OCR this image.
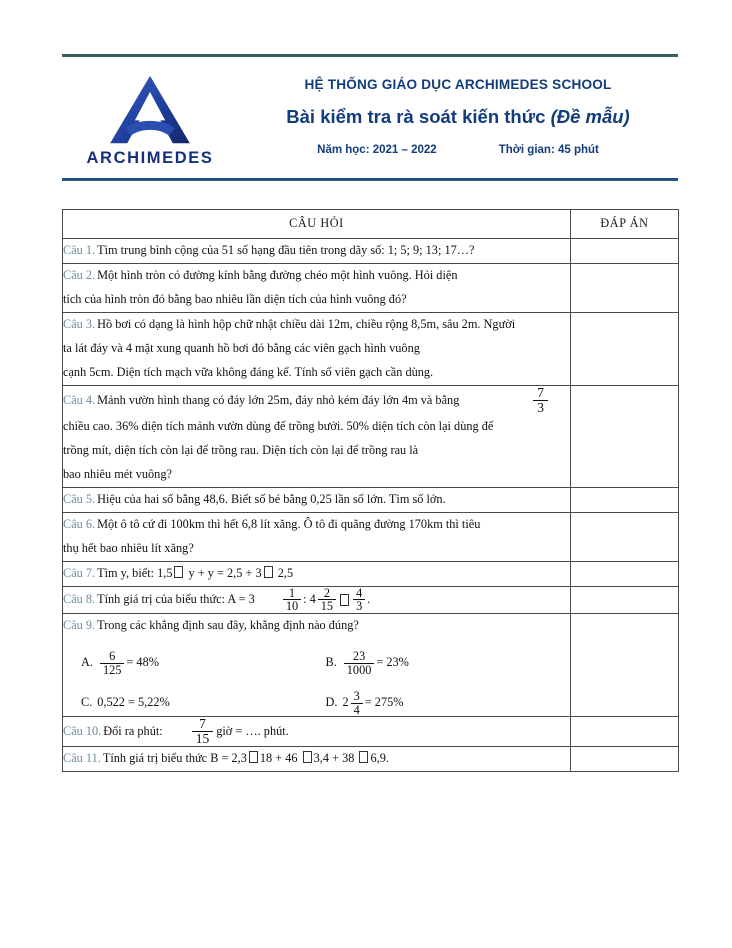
ARCHIMEDES
HỆ THỐNG GIÁO DỤC ARCHIMEDES SCHOOL
Bài kiểm tra rà soát kiến thức (Đề mẫu)
Năm học: 2021 – 2022	Thời gian: 45 phút
CÂU HỎI	ĐÁP ÁN
Câu 1. Tìm trung bình cộng của 51 số hạng đầu tiên trong dãy số: 1; 5; 9; 13; 17…?	
Câu 2. Một hình tròn có đường kính bằng đường chéo một hình vuông. Hỏi diện
tích của hình tròn đó bằng bao nhiêu lần diện tích của hình vuông đó?	

Câu 3. Hồ bơi có dạng là hình hộp chữ nhật chiều dài 12m, chiều rộng 8,5m, sâu 2m. Người
ta lát đáy và 4 mặt xung quanh hồ bơi đó bằng các viên gạch hình vuông
cạnh 5cm. Diện tích mạch vữa không đáng kể. Tính số viên gạch cần dùng.	

Câu 4. Mảnh vườn hình thang có đáy lớn 25m, đáy nhỏ kém đáy lớn 4m và bằng	$\frac{7}{3}$
chiều cao. 36% diện tích mảnh vườn dùng để trồng bưởi. 50% diện tích còn lại dùng để
trồng mít, diện tích còn lại để trồng rau. Diện tích còn lại để trồng rau là
bao nhiêu mét vuông?

Câu 5. Hiệu của hai số bằng 48,6. Biết số bé bằng 0,25 lần số lớn. Tìm số lớn.	
Câu 6. Một ô tô cứ đi 100km thì hết 6,8 lít xăng. Ô tô đi quãng đường 170km thì tiêu
thụ hết bao nhiêu lít xăng?	

Câu 7. Tìm y, biết: 1,5 y + y = 2,5 + 3 2,5	

Câu 8. Tính giá trị của biểu thức: $A = 3 \frac{1}{10}$ : $4 \frac{2}{15} \frac{4}{3}$ .

Câu 9. Trong các khẳng định sau đây, khẳng định nào đúng?
A. $\frac{6}{125} = 48\%$	B. $\frac{23}{1000} = 23\%$
C. 0,522 = 5,22%	D. $2 \frac{3}{4} = 275\%$

Câu 10. Đổi ra phút: $\frac{7}{15}$ giờ = …. phút.	

Câu 11. Tính giá trị biểu thức B = 2,3 18 + 46 3,4 + 38 6,9.	
